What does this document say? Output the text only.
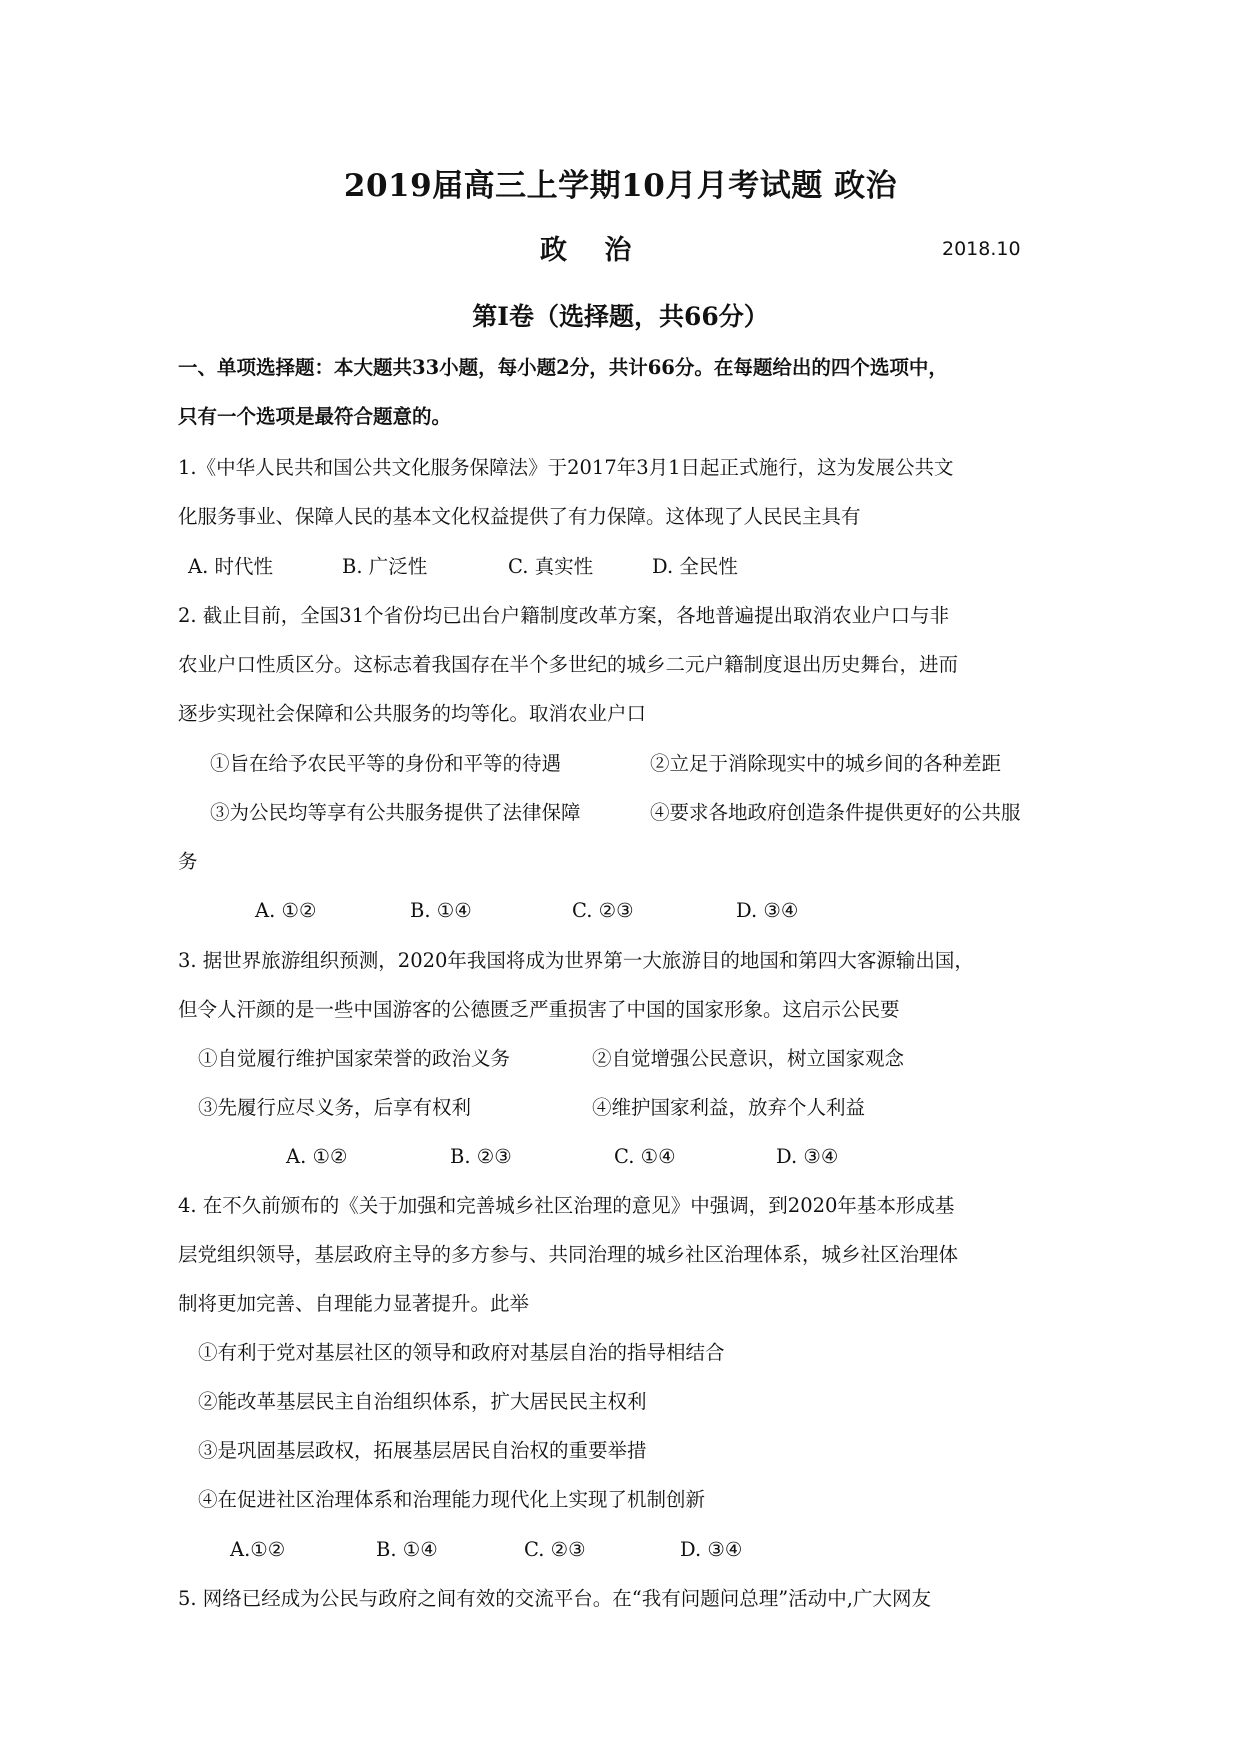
2019届高三上学期10月月考试题 政治
政 治	2018.10
第Ⅰ卷（选择题，共66分）
一、单项选择题：本大题共33小题，每小题2分，共计66分。在每题给出的四个选项中，
只有一个选项是最符合题意的。
1.《中华人民共和国公共文化服务保障法》于2017年3月1日起正式施行，这为发展公共文
化服务事业、保障人民的基本文化权益提供了有力保障。这体现了人民民主具有
A. 时代性	B. 广泛性	C. 真实性	D. 全民性
2. 截止目前，全国31个省份均已出台户籍制度改革方案，各地普遍提出取消农业户口与非
农业户口性质区分。这标志着我国存在半个多世纪的城乡二元户籍制度退出历史舞台，进而
逐步实现社会保障和公共服务的均等化。取消农业户口
①旨在给予农民平等的身份和平等的待遇	②立足于消除现实中的城乡间的各种差距
③为公民均等享有公共服务提供了法律保障	④要求各地政府创造条件提供更好的公共服
务
A. ①②	B. ①④	C. ②③	D. ③④
3. 据世界旅游组织预测，2020年我国将成为世界第一大旅游目的地国和第四大客源输出国，
但令人汗颜的是一些中国游客的公德匮乏严重损害了中国的国家形象。这启示公民要
①自觉履行维护国家荣誉的政治义务	②自觉增强公民意识，树立国家观念
③先履行应尽义务，后享有权利	④维护国家利益，放弃个人利益
A. ①②	B. ②③	C. ①④	D. ③④
4. 在不久前颁布的《关于加强和完善城乡社区治理的意见》中强调，到2020年基本形成基
层党组织领导，基层政府主导的多方参与、共同治理的城乡社区治理体系，城乡社区治理体
制将更加完善、自理能力显著提升。此举
①有利于党对基层社区的领导和政府对基层自治的指导相结合
②能改革基层民主自治组织体系，扩大居民民主权利
③是巩固基层政权，拓展基层居民自治权的重要举措
④在促进社区治理体系和治理能力现代化上实现了机制创新
A.①②	B. ①④	C. ②③	D. ③④
5. 网络已经成为公民与政府之间有效的交流平台。在“我有问题问总理”活动中,广大网友
